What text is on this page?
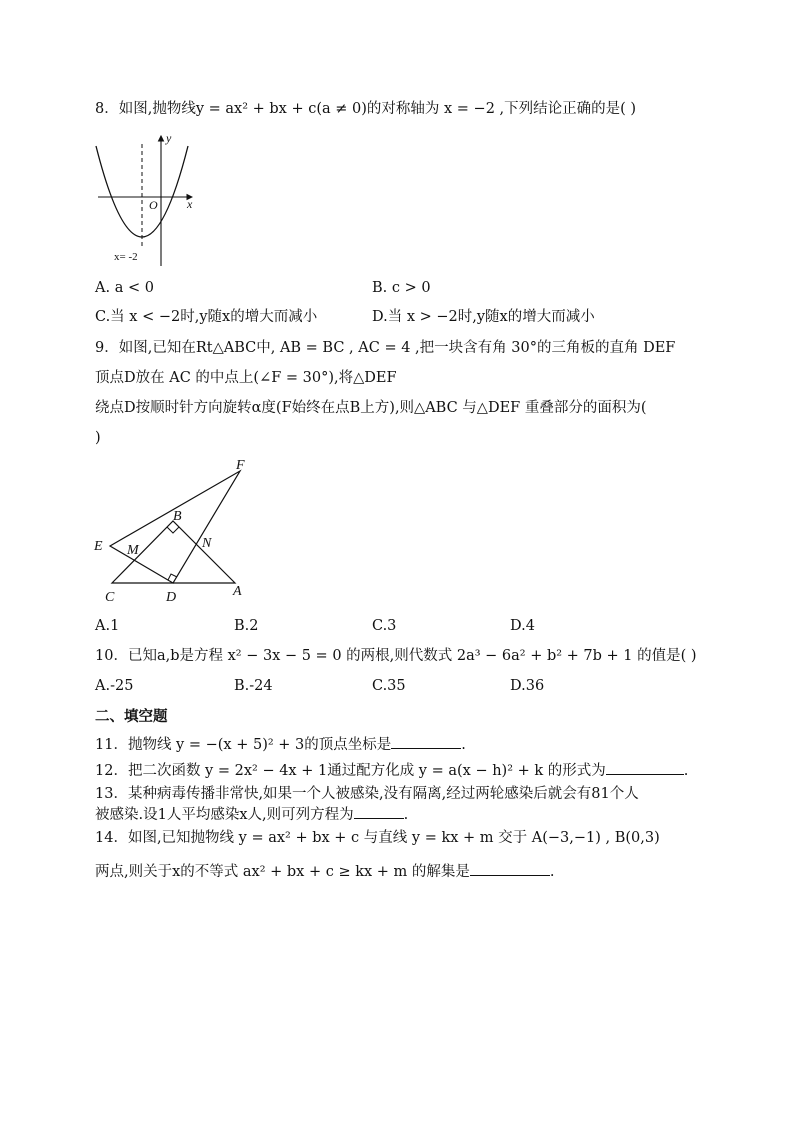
8．如图,抛物线y = ax² + bx + c(a ≠ 0)的对称轴为 x = −2 ,下列结论正确的是( )
y
x
O
x= -2
A. a < 0	B. c > 0
C.当 x < −2时,y随x的增大而减小	D.当 x > −2时,y随x的增大而减小
9．如图,已知在Rt△ABC中, AB = BC , AC = 4 ,把一块含有角 30°的三角板的直角 DEF
顶点D放在 AC 的中点上(∠F = 30°),将△DEF
绕点D按顺时针方向旋转α度(F始终在点B上方),则△ABC 与△DEF 重叠部分的面积为(
)
F
B
E M	N
C	D	A
A.1	B.2	C.3	D.4
10．已知a,b是方程 x² − 3x − 5 = 0 的两根,则代数式 2a³ − 6a² + b² + 7b + 1 的值是( )
A.-25	B.-24	C.35	D.36
二、填空题
11．抛物线 y = −(x + 5)² + 3的顶点坐标是	.
12．把二次函数 y = 2x² − 4x + 1通过配方化成 y = a(x − h)² + k 的形式为	.
13．某种病毒传播非常快,如果一个人被感染,没有隔离,经过两轮感染后就会有81个人
被感染.设1人平均感染x人,则可列方程为	.
14．如图,已知抛物线 y = ax² + bx + c 与直线 y = kx + m 交于 A(−3,−1) , B(0,3)
两点,则关于x的不等式 ax² + bx + c ≥ kx + m 的解集是	.
